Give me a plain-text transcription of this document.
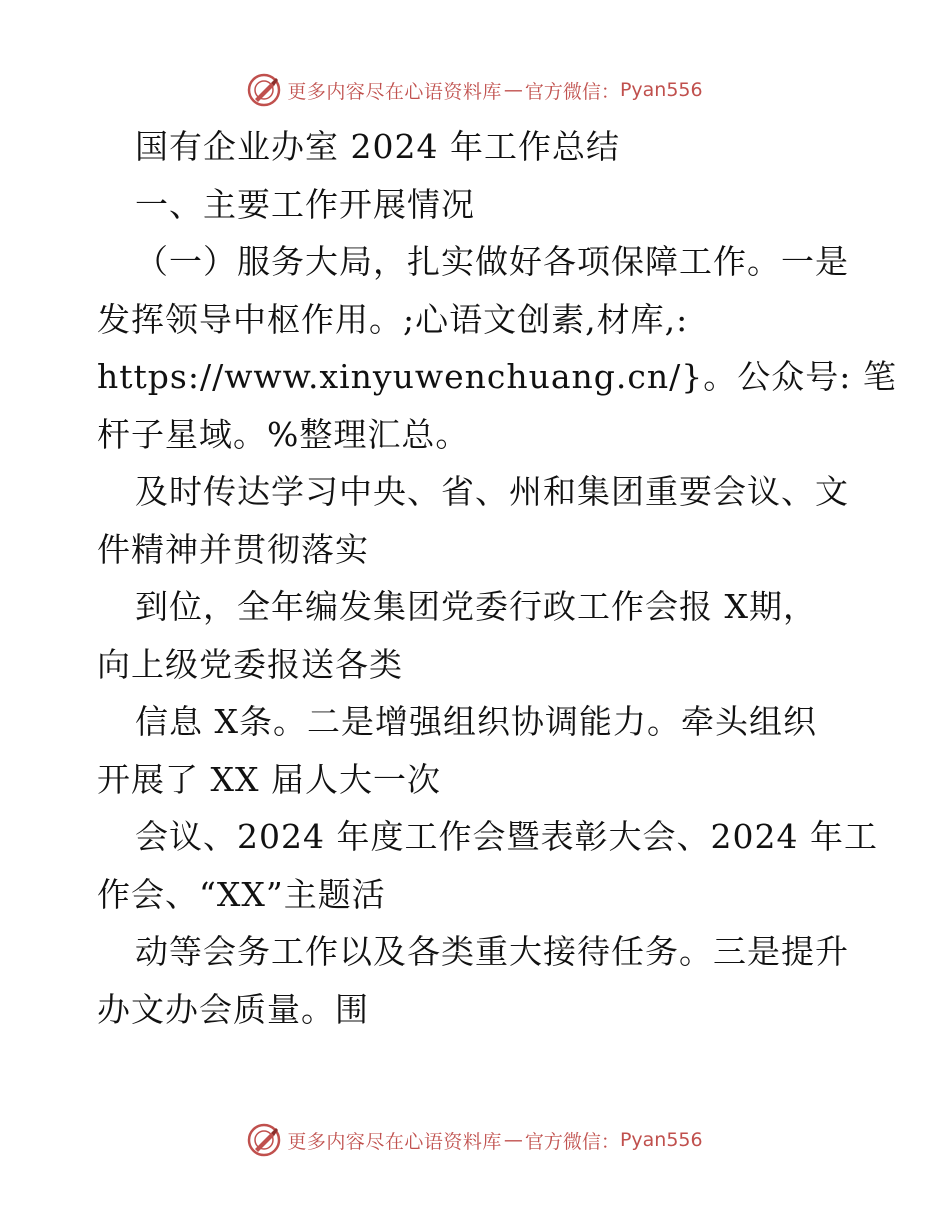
更多内容尽在心语资料库 — 官方微信： Pyan556
国有企业办室 2024 年工作总结
一、主要工作开展情况
（一）服务大局，扎实做好各项保障工作。一是
发挥领导中枢作用。;心语文创素,材库,:
https://www.xinyuwenchuang.cn/}。公众号: 笔
杆子星域。%整理汇总。
及时传达学习中央、省、州和集团重要会议、文
件精神并贯彻落实
到位，全年编发集团党委行政工作会报 X期，
向上级党委报送各类
信息 X条。二是增强组织协调能力。牵头组织
开展了 XX 届人大一次
会议、2024 年度工作会暨表彰大会、2024 年工
作会、“XX”主题活
动等会务工作以及各类重大接待任务。三是提升
办文办会质量。围
更多内容尽在心语资料库 — 官方微信： Pyan556
